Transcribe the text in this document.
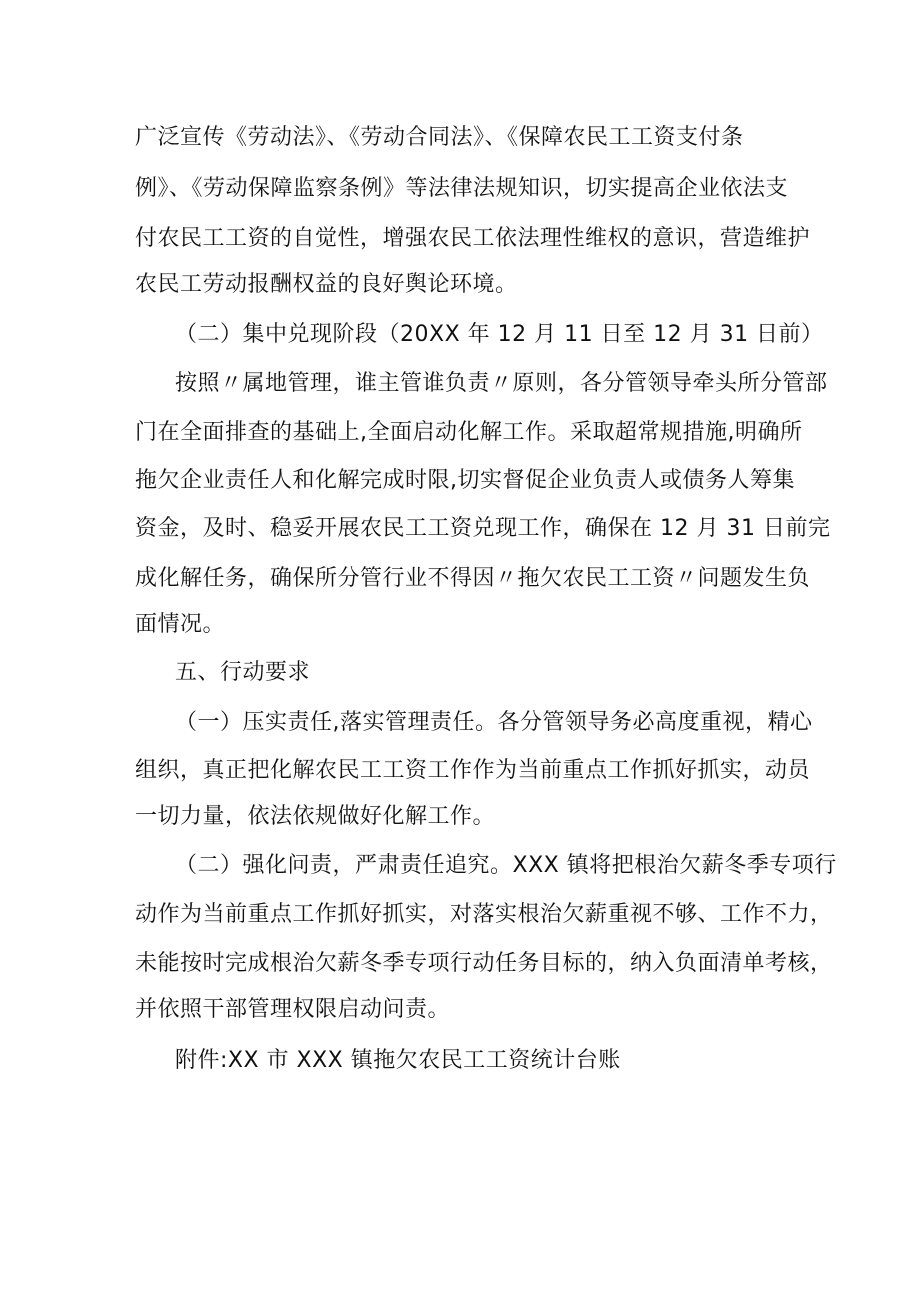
广泛宣传《劳动法》、《劳动合同法》、《保障农民工工资支付条
例》、《劳动保障监察条例》等法律法规知识，切实提高企业依法支
付农民工工资的自觉性，增强农民工依法理性维权的意识，营造维护
农民工劳动报酬权益的良好舆论环境。
（二）集中兑现阶段（20XX 年 12 月 11 日至 12 月 31 日前）
按照〃属地管理，谁主管谁负责〃原则，各分管领导牵头所分管部
门在全面排查的基础上,全面启动化解工作。采取超常规措施,明确所
拖欠企业责任人和化解完成时限,切实督促企业负责人或债务人筹集
资金，及时、稳妥开展农民工工资兑现工作，确保在 12 月 31 日前完
成化解任务，确保所分管行业不得因〃拖欠农民工工资〃问题发生负
面情况。
五、行动要求
（一）压实责任,落实管理责任。各分管领导务必高度重视，精心
组织，真正把化解农民工工资工作作为当前重点工作抓好抓实，动员
一切力量，依法依规做好化解工作。
（二）强化问责，严肃责任追究。XXX 镇将把根治欠薪冬季专项行
动作为当前重点工作抓好抓实，对落实根治欠薪重视不够、工作不力，
未能按时完成根治欠薪冬季专项行动任务目标的，纳入负面清单考核，
并依照干部管理权限启动问责。
附件:XX 市 XXX 镇拖欠农民工工资统计台账
